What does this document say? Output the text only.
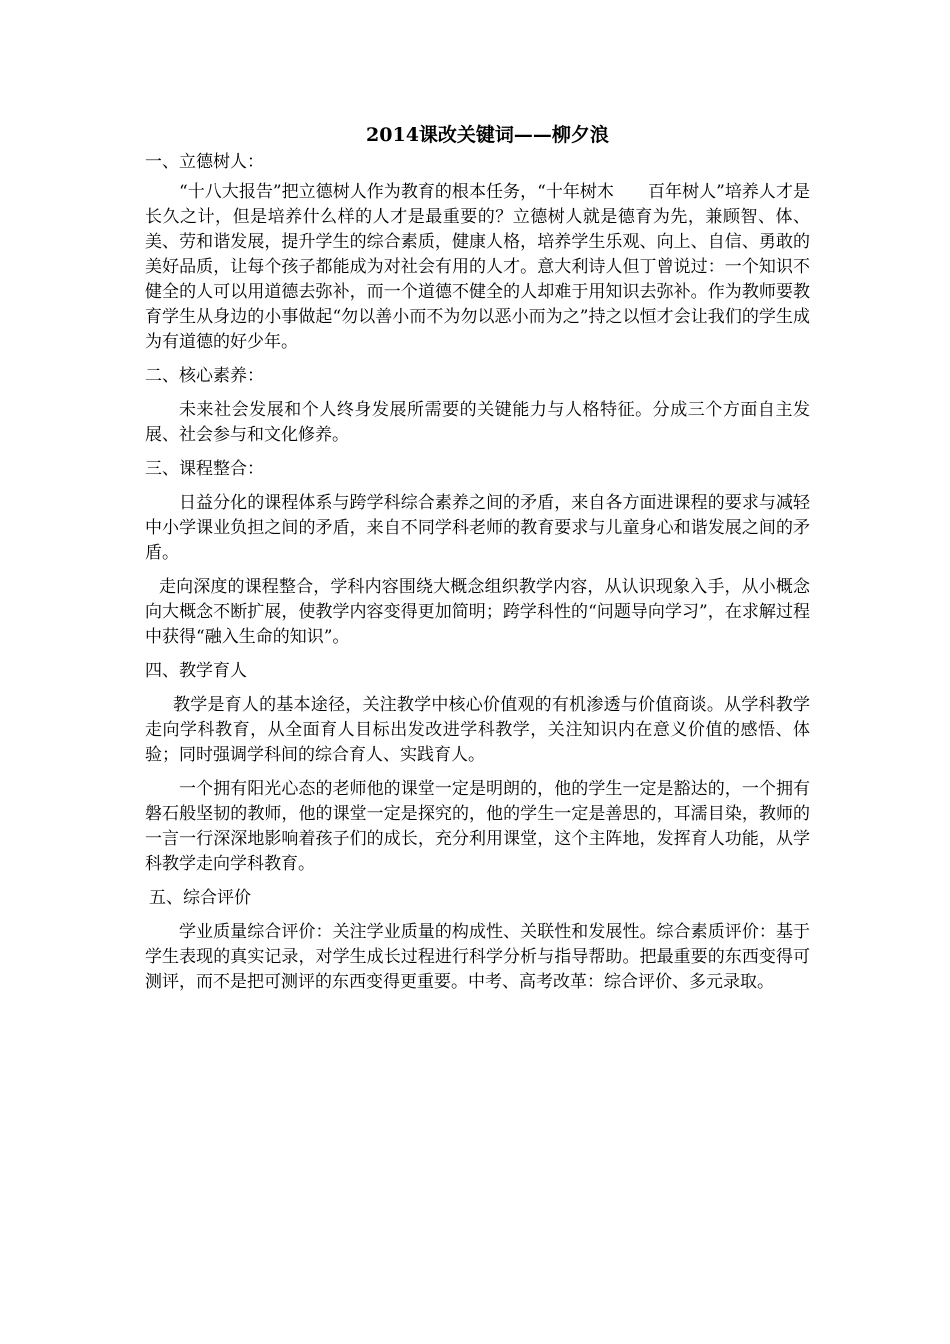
2014课改关键词——柳夕浪
一、立德树人：

“十八大报告”把立德树人作为教育的根本任务，“十年树木　　百年树人”培养人才是长久之计，但是培养什么样的人才是最重要的？立德树人就是德育为先，兼顾智、体、美、劳和谐发展，提升学生的综合素质，健康人格，培养学生乐观、向上、自信、勇敢的美好品质，让每个孩子都能成为对社会有用的人才。意大利诗人但丁曾说过：一个知识不健全的人可以用道德去弥补，而一个道德不健全的人却难于用知识去弥补。作为教师要教育学生从身边的小事做起“勿以善小而不为勿以恶小而为之”持之以恒才会让我们的学生成为有道德的好少年。

二、核心素养：

未来社会发展和个人终身发展所需要的关键能力与人格特征。分成三个方面自主发展、社会参与和文化修养。

三、课程整合：

日益分化的课程体系与跨学科综合素养之间的矛盾，来自各方面进课程的要求与减轻中小学课业负担之间的矛盾，来自不同学科老师的教育要求与儿童身心和谐发展之间的矛盾。

走向深度的课程整合，学科内容围绕大概念组织教学内容，从认识现象入手，从小概念向大概念不断扩展，使教学内容变得更加简明；跨学科性的“问题导向学习”，在求解过程中获得“融入生命的知识”。

四、教学育人

教学是育人的基本途径，关注教学中核心价值观的有机渗透与价值商谈。从学科教学走向学科教育，从全面育人目标出发改进学科教学，关注知识内在意义价值的感悟、体验；同时强调学科间的综合育人、实践育人。

一个拥有阳光心态的老师他的课堂一定是明朗的，他的学生一定是豁达的，一个拥有磐石般坚韧的教师，他的课堂一定是探究的，他的学生一定是善思的，耳濡目染，教师的一言一行深深地影响着孩子们的成长，充分利用课堂，这个主阵地，发挥育人功能，从学科教学走向学科教育。

五、综合评价

学业质量综合评价：关注学业质量的构成性、关联性和发展性。综合素质评价：基于学生表现的真实记录，对学生成长过程进行科学分析与指导帮助。把最重要的东西变得可测评，而不是把可测评的东西变得更重要。中考、高考改革：综合评价、多元录取。
